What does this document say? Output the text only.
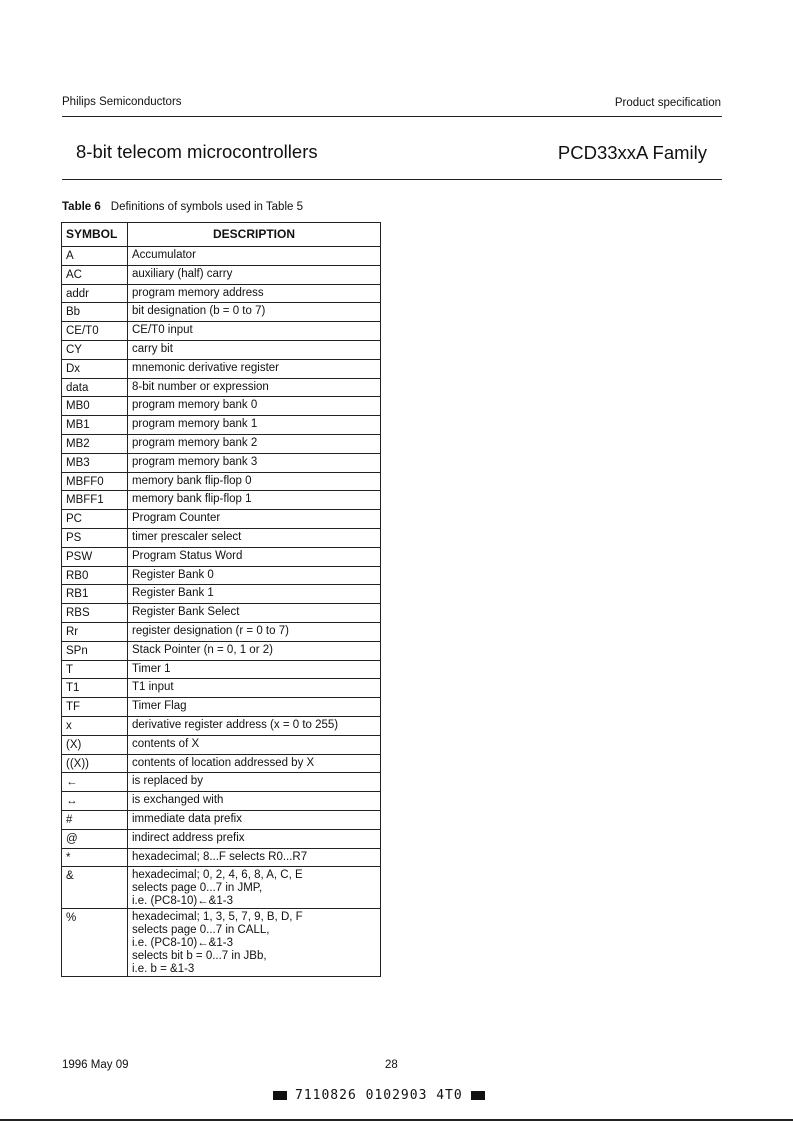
Philips Semiconductors	Product specification
8-bit telecom microcontrollers	PCD33xxA Family
Table 6 Definitions of symbols used in Table 5
SYMBOL	DESCRIPTION
A	Accumulator

AC	auxiliary (half) carry

addr	program memory address

Bb	bit designation (b = 0 to 7)

CE/T0	CE/T0 input

CY	carry bit

Dx	mnemonic derivative register

data	8-bit number or expression

MB0	program memory bank 0

MB1	program memory bank 1

MB2	program memory bank 2

MB3	program memory bank 3

MBFF0	memory bank flip-flop 0

MBFF1	memory bank flip-flop 1

PC	Program Counter

PS	timer prescaler select

PSW	Program Status Word

RB0	Register Bank 0

RB1	Register Bank 1

RBS	Register Bank Select

Rr	register designation (r = 0 to 7)

SPn	Stack Pointer (n = 0, 1 or 2)

T	Timer 1

T1	T1 input

TF	Timer Flag

x	derivative register address (x = 0 to 255)

(X)	contents of X

((X))	contents of location addressed by X

←	is replaced by

↔	is exchanged with

#	immediate data prefix

@	indirect address prefix

*	hexadecimal; 8...F selects R0...R7

&	hexadecimal; 0, 2, 4, 6, 8, A, C, E
selects page 0...7 in JMP,
i.e. (PC8-10)←&1-3

%	hexadecimal; 1, 3, 5, 7, 9, B, D, F
selects page 0...7 in CALL,
i.e. (PC8-10)←&1-3
selects bit b = 0...7 in JBb,
i.e. b = &1-3
1996 May 09	28
7110826 0102903 4T0
